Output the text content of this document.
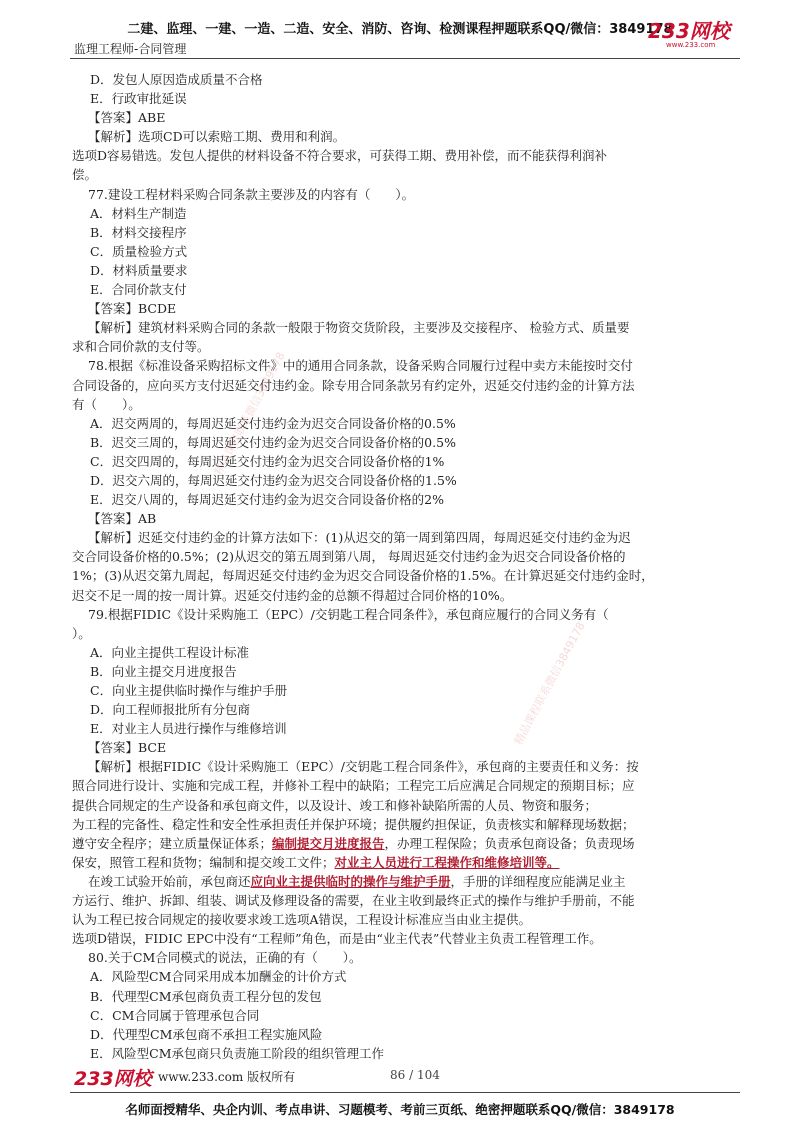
二建、监理、一建、一造、二造、安全、消防、咨询、检测课程押题联系QQ/微信：3849178
监理工程师-合同管理
233网校
www.233.com

D．发包人原因造成质量不合格

E．行政审批延误

【答案】ABE

【解析】选项CD可以索赔工期、费用和利润。

选项D容易错选。发包人提供的材料设备不符合要求，可获得工期、费用补偿，而不能获得利润补

偿。

77.建设工程材料采购合同条款主要涉及的内容有（　　）。

A．材料生产制造

B．材料交接程序

C．质量检验方式

D．材料质量要求

E．合同价款支付

【答案】BCDE

【解析】建筑材料采购合同的条款一般限于物资交货阶段，主要涉及交接程序、 检验方式、质量要

求和合同价款的支付等。

78.根据《标准设备采购招标文件》中的通用合同条款，设备采购合同履行过程中卖方未能按时交付

合同设备的，应向买方支付迟延交付违约金。除专用合同条款另有约定外，迟延交付违约金的计算方法

有（　　）。

A．迟交两周的，每周迟延交付违约金为迟交合同设备价格的0.5%

B．迟交三周的，每周迟延交付违约金为迟交合同设备价格的0.5%

C．迟交四周的，每周迟延交付违约金为迟交合同设备价格的1%

D．迟交六周的，每周迟延交付违约金为迟交合同设备价格的1.5%

E．迟交八周的，每周迟延交付违约金为迟交合同设备价格的2%

【答案】AB

【解析】迟延交付违约金的计算方法如下：(1)从迟交的第一周到第四周，每周迟延交付违约金为迟

交合同设备价格的0.5%；(2)从迟交的第五周到第八周， 每周迟延交付违约金为迟交合同设备价格的

1%；(3)从迟交第九周起，每周迟延交付违约金为迟交合同设备价格的1.5%。在计算迟延交付违约金时，

迟交不足一周的按一周计算。迟延交付违约金的总额不得超过合同价格的10%。

79.根据FIDIC《设计采购施工（EPC）/交钥匙工程合同条件》，承包商应履行的合同义务有（

）。

A．向业主提供工程设计标准

B．向业主提交月进度报告

C．向业主提供临时操作与维护手册

D．向工程师报批所有分包商

E．对业主人员进行操作与维修培训

【答案】BCE

【解析】根据FIDIC《设计采购施工（EPC）/交钥匙工程合同条件》，承包商的主要责任和义务：按

照合同进行设计、实施和完成工程，并修补工程中的缺陷；工程完工后应满足合同规定的预期目标；应

提供合同规定的生产设备和承包商文件，以及设计、竣工和修补缺陷所需的人员、物资和服务；

为工程的完备性、稳定性和安全性承担责任并保护环境；提供履约担保证，负责核实和解释现场数据；

遵守安全程序；建立质量保证体系；编制提交月进度报告，办理工程保险；负责承包商设备；负责现场

保安，照管工程和货物；编制和提交竣工文件；对业主人员进行工程操作和维修培训等。

在竣工试验开始前，承包商还应向业主提供临时的操作与维护手册，手册的详细程度应能满足业主

方运行、维护、拆卸、组装、调试及修理设备的需要，在业主收到最终正式的操作与维护手册前，不能

认为工程已按合同规定的接收要求竣工选项A错误，工程设计标准应当由业主提供。

选项D错误，FIDIC EPC中没有“工程师”角色，而是由“业主代表”代替业主负责工程管理工作。

80.关于CM合同模式的说法，正确的有（　　）。

A．风险型CM合同采用成本加酬金的计价方式

B．代理型CM承包商负责工程分包的发包

C．CM合同属于管理承包合同

D．代理型CM承包商不承担工程实施风险

E．风险型CM承包商只负责施工阶段的组织管理工作

精品课程联系微信3849178
精品课程联系微信3849178
233网校 www.233.com 版权所有	86 / 104
名师面授精华、央企内训、考点串讲、习题模考、考前三页纸、绝密押题联系QQ/微信：3849178
